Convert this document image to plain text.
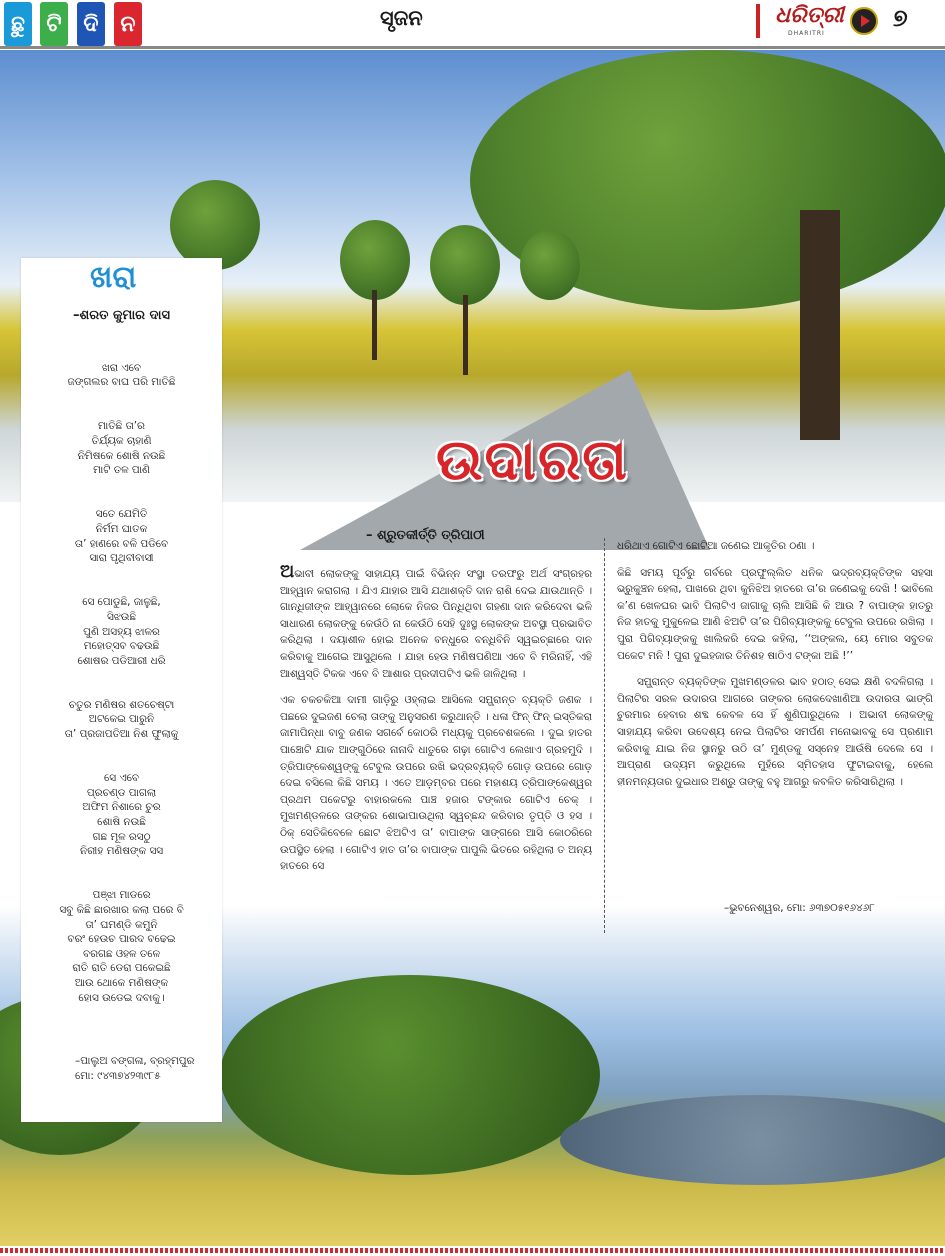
ଛୁ ଟି ଦି ନ	ସୃଜନ	ଧରିତ୍ରୀ
DHARITRI
୭
ଖରା
–ଶରତ କୁମାର ଦାସ

ଖରା ଏବେ
ଜଙ୍ଗଲର ବାଘ ପରି ମାତିଛି

ମାତିଛି ତା’ର
ତିର୍ଯ୍ୟକ ଚାହାଣି
ନିମିଷକେ ଶୋଷି ନଉଛି
ମାଟି ତଳ ପାଣି

ସତେ ଯେମିତି
ନିର୍ମମ ଘାତକ
ତା’ ହାଣରେ ବଳି ପଡିବେ
ସାରା ପୃଥିବୀବାସୀ

ସେ ପୋଡୁଛି, ଜାଳୁଛି,
ସିଝଉଛି
ପୁଣି ଅସହ୍ୟ ଝାଳର
ମହୋତ୍ସବ ବଢଉଛି
ଶୋଷର ପଡିଆରୀ ଧରି

ଚତୁର ମଣିଷର ଶତଚେଷ୍ଟା
ଅଟକେଇ ପାରୁନି
ତା’ ପ୍ରଜାପତିଆ ନିଶ ଫୁଲାକୁ

ସେ ଏବେ
ପ୍ରଚଣ୍ଡ ପାଗଲା
ଅଫିମ ନିଶାରେ ଚୁର
ଶୋଷି ନଉଛି
ଗଛ ମୂଳ ରସଠୁ
ନିରୀହ ମଣିଷଙ୍କ ସସ

ପଞ୍ଝା ମାଡରେ
ସବୁ କିଛି ଛାରଖାର କଲା ପରେ ବି
ତା’ ଘମଣ୍ଡି କମୁନି
ବରଂ ହେଉଚ ପାରଦ ବଢେଇ
ବରଗଛ ଓହଳ ତଳେ
ରାତି ରାତି ଡେରା ପକେଇଛି
ଆଉ ଥୋକେ ମଣିଷଙ୍କ
ହୋସ ଉଡେଇ ଦବାକୁ।

–ପାଲୁଅ ବଙ୍ଗଳା, ବ୍ରହ୍ମପୁର
ମୋ: ୯୪୩୭୪୨୩୯୮୫
ଉଦାରତା
– ଶ୍ରୁତକୀର୍ତ୍ତି ତ୍ରିପାଠୀ

ଅଭାବୀ ଲୋକଙ୍କୁ ସାହାଯ୍ୟ ପାଇଁ ବିଭିନ୍ନ ସଂସ୍ଥା ତରଫରୁ ଅର୍ଥ ସଂଗ୍ରହର ଆହ୍ୱାନ କରାଗଲା । ଯିଏ ଯାହାର ଆସି ଯଥାଶକ୍ତି ଦାନ ରାଶି ଦେଇ ଯାଉଥାନ୍ତି । ଗାନ୍ଧିଜୀଙ୍କ ଆହ୍ୱାନରେ ଲୋକେ ନିଜର ପିନ୍ଧିଥିବା ଗହଣା ଦାନ କରିଦେବା ଭଳି ସାଧାରଣ ଲୋକଙ୍କୁ କେଉଁଠି ନା କେଉଁଠି ସେହି ଦୁଃସ୍ଥ ଲୋକଙ୍କ ଅବସ୍ଥା ପ୍ରଭାବିତ କରିଥିଲା । ଦୟାଶୀଳ ହୋଇ ଅନେକ ବନ୍ଧୁରେ ବନ୍ଧିବିନି ସ୍ୱଇଚ୍ଛାରେ ଦାନ କରିବାକୁ ଆଗେଇ ଆସୁଥିଲେ । ଯାହା ହେଉ ମଣିଷପଣିଆ ଏବେ ବି ମରିନାହିଁ, ଏହି ଆଶ୍ୱସ୍ତି ଟିକକ ଏବେ ବି ଆଶାର ପ୍ରଦୀପଟିଏ ଭଳି ଜାଳିଥିଲା ।

ଏକ ଚକଚକିଆ ଦାମୀ ଗାଡ଼ିରୁ ଓହ୍ଲାଇ ଆସିଲେ ସମ୍ଭ୍ରାନ୍ତ ବ୍ୟକ୍ତି ଜଣକ । ପଛରେ ଦୁଇଜଣ ଚେଲା ତାଙ୍କୁ ଅନୁସରଣ କରୁଥାନ୍ତି । ଧଳା ଫିନ୍ ଫିନ୍ ଇସ୍ତିକରା ଜାମାପିନ୍ଧା ବାବୁ ଜଣକ ସଗର୍ବେ କୋଠରି ମଧ୍ୟକୁ ପ୍ରବେଶକଲେ । ଦୁଇ ହାତର ପାଞ୍ଚୋଟି ଯାକ ଆଙ୍ଗୁଠିରେ ନାନାଦି ଧାତୁରେ ଗଢ଼ା ଗୋଟିଏ ଲେଖାଏ ଗ୍ରହମୁଦି । ତ୍ରିପାଙ୍କେଶ୍ୱଙ୍କୁ ଟେବୁଲ ଉପରେ ରଖି ଭଦ୍ରବ୍ୟକ୍ତି ଗୋଡ଼ ଉପରେ ଗୋଡ଼ ଦେଇ ବସିଲେ କିଛି ସମୟ । ଏତେ ଆଡ଼ମ୍ବର ପରେ ମହାଶୟ ତ୍ରିପାଙ୍କେଶ୍ୱର ପ୍ରଥମ ପକେଟରୁ ବାହାରକଲେ ପାଞ୍ଚ ହଜାର ଟଙ୍କାର ଗୋଟିଏ ଚେକ୍ । ମୁଖମଣ୍ଡଳରେ ତାଙ୍କର ଶୋଭାପାଉଥିଲା ସ୍ୱଚ୍ଛନ୍ଦ କରିବାର ତୃପ୍ତି ଓ ହସ । ଠିକ୍ ସେତିକିବେଳେ ଛୋଟ ଝିଅଟିଏ ତା’ ବାପାଙ୍କ ସାଙ୍ଗରେ ଆସି କୋଠରିରେ ଉପସ୍ଥିତ ହେଲା । ଗୋଟିଏ ହାତ ତା’ର ବାପାଙ୍କ ପାପୁଲି ଭିତରେ ରହିଥିଲା ତ ଅନ୍ୟ ହାତରେ ସେ

ଧରିଥାଏ ଗୋଟିଏ ଛୋଟିଆ ଜଣେଇ ଆକୃତିର ଠଣା ।

କିଛି ସମୟ ପୂର୍ବରୁ ଗର୍ବରେ ପ୍ରଫୁଲ୍ଲିତ ଧନିକ ଭଦ୍ରବ୍ୟକ୍ତିଙ୍କ ସହସା ଭ୍ରୁକୁଞ୍ଚନ ହେଲା, ପାଖରେ ଥିବା କୁନିଝିଅ ହାତରେ ତା’ର ଜଣେଇକୁ ଦେଖି ! ଭାବିଲେ କ’ଣ ଖେଳଘର ଭାବି ପିଲାଟିଏ ଜାଗାକୁ ଚାଲି ଆସିଛି କି ଆଉ ? ବାପାଙ୍କ ହାତରୁ ନିଜ ହାତକୁ ମୁକୁଳେଇ ଆଣି ଝିଅଟି ତା’ର ପିଗିବ୍ୟାଙ୍କକୁ ଟେବୁଲ ଉପରେ ରଖିଲା । ପୁରା ପିଗିବ୍ୟାଙ୍କକୁ ଖାଲିକରି ଦେଇ କହିଲା, ‘‘ଅଙ୍କଲ, ୟେ ମୋର ସବୁତକ ପକେଟ ମନି ! ପୁରା ଦୁଇହଜାର ତିନିଶହ ଷାଠିଏ ଟଙ୍କା ଅଛି !’’

ସମ୍ଭ୍ରାନ୍ତ ବ୍ୟକ୍ତିଙ୍କ ମୁଖମଣ୍ଡଳର ଭାବ ହଠାତ୍ ସେଇ କ୍ଷଣି ବଦଳିଗଲା । ପିଲାଟିର ସରଳ ଉଦାରତା ଆଗରେ ତାଙ୍କର ଲୋକଦେଖାଣିଆ ଉଦାରତା ଭାଙ୍ଗି ଚୁରମାର ହେବାର ଶବ୍ଦ କେବଳ ସେ ହିଁ ଶୁଣିପାରୁଥିଲେ । ଅଭାବୀ ଲୋକଙ୍କୁ ସାହାଯ୍ୟ କରିବା ଉଦେଶ୍ୟ ନେଇ ପିଲାଟିର ସମର୍ପଣ ମନୋଭାବକୁ ସେ ପ୍ରଣାମ କରିବାକୁ ଯାଇ ନିଜ ସ୍ଥାନରୁ ଉଠି ତା’ ମୁଣ୍ଡକୁ ସସ୍ନେହ ଆଉଁଷି ଦେଲେ ସେ । ଆପ୍ରାଣ ଉଦ୍ୟମ କରୁଥିଲେ ମୁହଁରେ ସ୍ମିତହାସ ଫୁଟାଇବାକୁ, ହେଲେ ହୀନମନ୍ୟତାର ଦୁଇଧାର ଅଶ୍ରୁ ତାଙ୍କୁ ବହୁ ଆଗରୁ କବଳିତ କରିସାରିଥିଲା ।

–ଭୁବନେଶ୍ୱର, ମୋ: ୬୩୭୦୫୧୬୪୬୮
